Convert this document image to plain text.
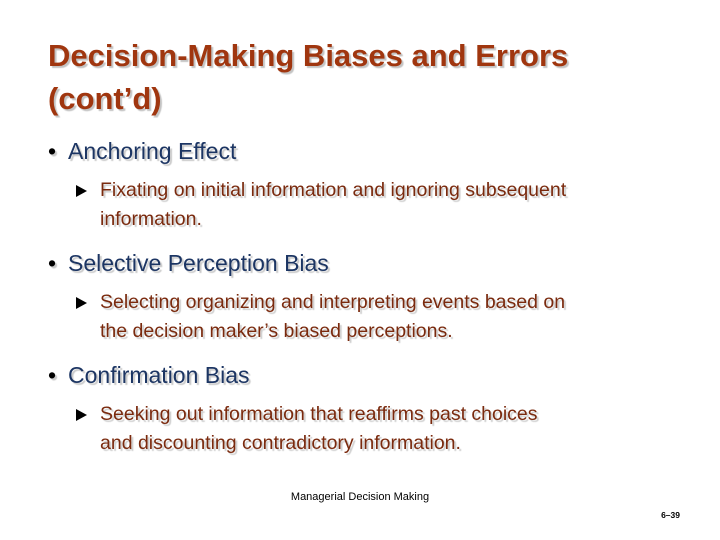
Decision-Making Biases and Errors
(cont’d)
• Anchoring Effect
Fixating on initial information and ignoring subsequent
information.
• Selective Perception Bias
Selecting organizing and interpreting events based on
the decision maker’s biased perceptions.
• Confirmation Bias
Seeking out information that reaffirms past choices
and discounting contradictory information.
Managerial Decision Making
6–39
